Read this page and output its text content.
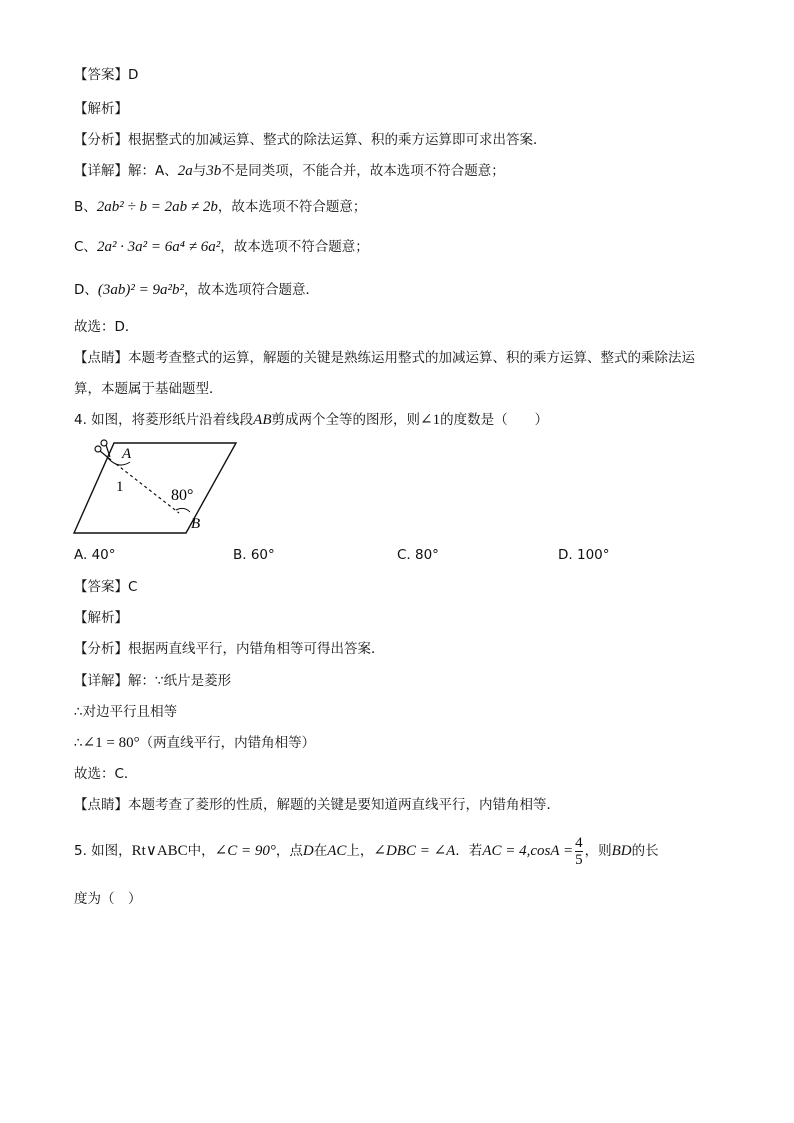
【答案】D
【解析】
【分析】根据整式的加减运算、整式的除法运算、积的乘方运算即可求出答案．
【详解】解：A、2a与3b不是同类项，不能合并，故本选项不符合题意；
B、2ab² ÷ b = 2ab ≠ 2b，故本选项不符合题意；
C、2a² · 3a² = 6a⁴ ≠ 6a²，故本选项不符合题意；
D、(3ab)² = 9a²b²，故本选项符合题意．
故选：D．
【点睛】本题考查整式的运算，解题的关键是熟练运用整式的加减运算、积的乘方运算、整式的乘除法运
算，本题属于基础题型．
4. 如图，将菱形纸片沿着线段AB剪成两个全等的图形，则∠1的度数是（　　）
A
1	80°
B
A. 40°	B. 60°	C. 80°	D. 100°
【答案】C
【解析】
【分析】根据两直线平行，内错角相等可得出答案．
【详解】解：∵纸片是菱形
∴对边平行且相等
∴∠1 = 80°（两直线平行，内错角相等）
故选：C．
【点睛】本题考查了菱形的性质，解题的关键是要知道两直线平行，内错角相等．
5. 如图，Rt∨ABC中，∠C = 90°，点D在AC上，∠DBC = ∠A．若AC = $4,\cos A = \frac{4}{5}$ ，则BD的长
度为（　）
